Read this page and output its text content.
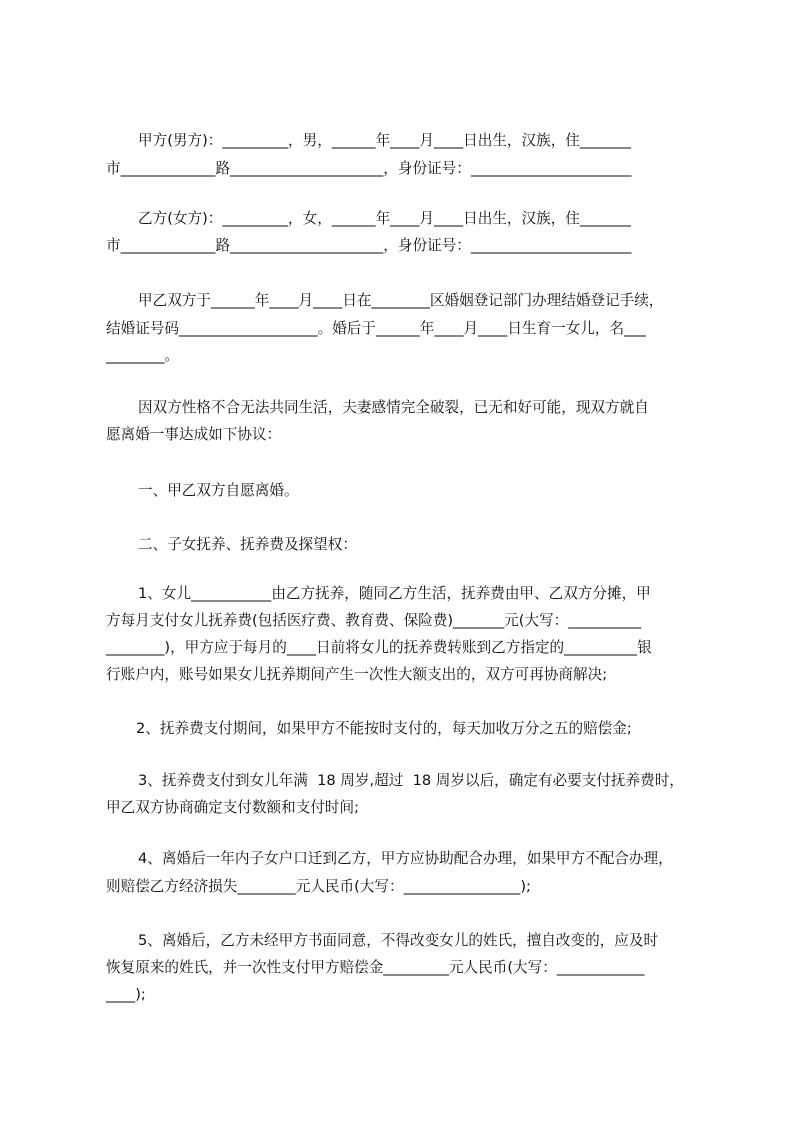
甲方(男方)：_________，男，______年____月____日出生，汉族，住_______
市_____________路_____________________，身份证号：______________________
乙方(女方)：_________，女，______年____月____日出生，汉族，住_______
市_____________路_____________________，身份证号：______________________
甲乙双方于______年____月____日在________区婚姻登记部门办理结婚登记手续，
结婚证号码___________________。婚后于______年____月____日生育一女儿，名___
________。
因双方性格不合无法共同生活，夫妻感情完全破裂，已无和好可能，现双方就自
愿离婚一事达成如下协议：
一、甲乙双方自愿离婚。
二、子女抚养、抚养费及探望权：
1、女儿___________由乙方抚养，随同乙方生活，抚养费由甲、乙双方分摊，甲
方每月支付女儿抚养费(包括医疗费、教育费、保险费)_______元(大写：__________
________)，甲方应于每月的____日前将女儿的抚养费转账到乙方指定的__________银
行账户内，账号如果女儿抚养期间产生一次性大额支出的，双方可再协商解决;
2、抚养费支付期间，如果甲方不能按时支付的，每天加收万分之五的赔偿金;
3、抚养费支付到女儿年满  18 周岁,超过  18 周岁以后，确定有必要支付抚养费时，
甲乙双方协商确定支付数额和支付时间;
4、离婚后一年内子女户口迁到乙方，甲方应协助配合办理，如果甲方不配合办理，
则赔偿乙方经济损失________元人民币(大写：________________);
5、离婚后，乙方未经甲方书面同意，不得改变女儿的姓氏，擅自改变的，应及时
恢复原来的姓氏，并一次性支付甲方赔偿金_________元人民币(大写：____________
____);
